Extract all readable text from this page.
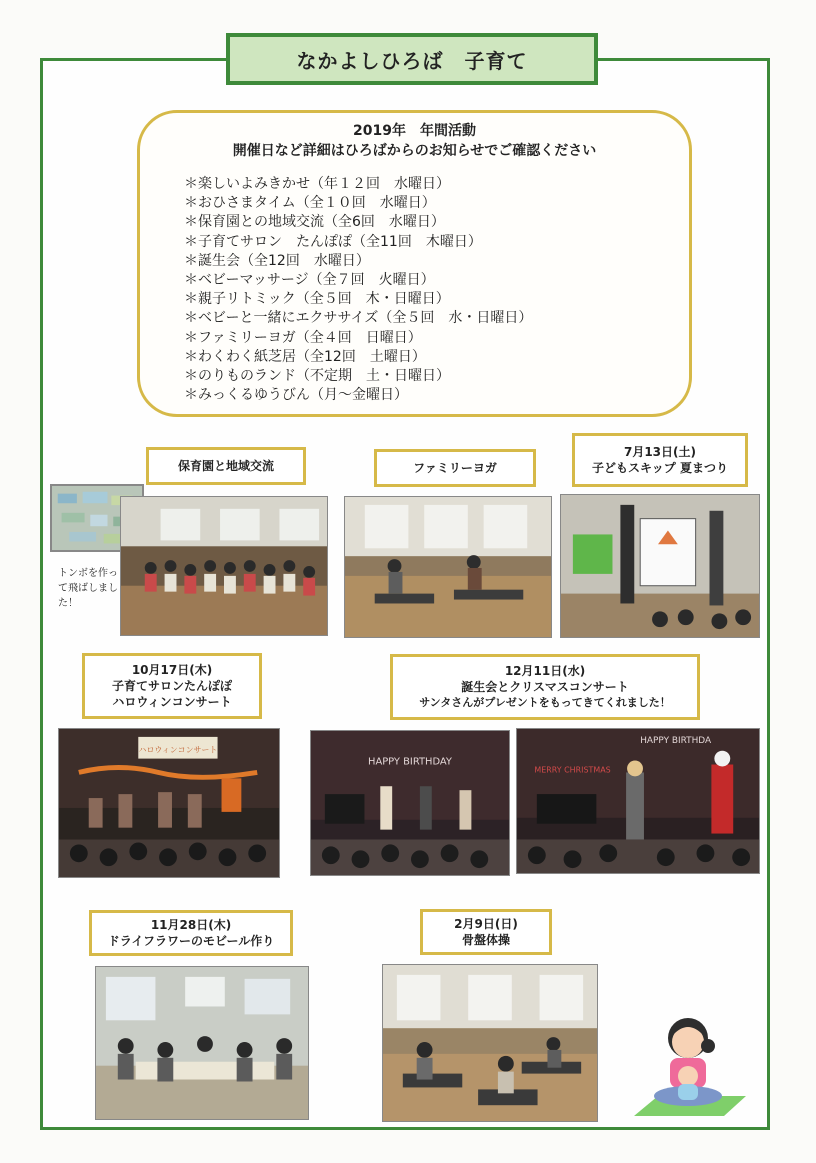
なかよしひろば　子育て
2019年　年間活動
開催日など詳細はひろばからのお知らせでご確認ください
＊楽しいよみきかせ（年１２回　水曜日）
＊おひさまタイム（全１０回　水曜日）
＊保育園との地域交流（全6回　水曜日）
＊子育てサロン　たんぽぽ（全11回　木曜日）
＊誕生会（全12回　水曜日）
＊ベビーマッサージ（全７回　火曜日）
＊親子リトミック（全５回　木・日曜日）
＊ベビーと一緒にエクササイズ（全５回　水・日曜日）
＊ファミリーヨガ（全４回　日曜日）
＊わくわく紙芝居（全12回　土曜日）
＊のりものランド（不定期　土・日曜日）
＊みっくるゆうびん（月～金曜日）
保育園と地域交流	ファミリーヨガ
7月13日(土)
子どもスキップ 夏まつり
トンボを作って飛ばしました！
10月17日(木)
子育てサロンたんぽぽ
ハロウィンコンサート
12月11日(水)
誕生会とクリスマスコンサート
サンタさんがプレゼントをもってきてくれました！
ハロウィンコンサート
HAPPY BIRTHDAY
HAPPY BIRTHDA
MERRY CHRISTMAS
11月28日(木)
ドライフラワーのモビール作り
2月9日(日)
骨盤体操
